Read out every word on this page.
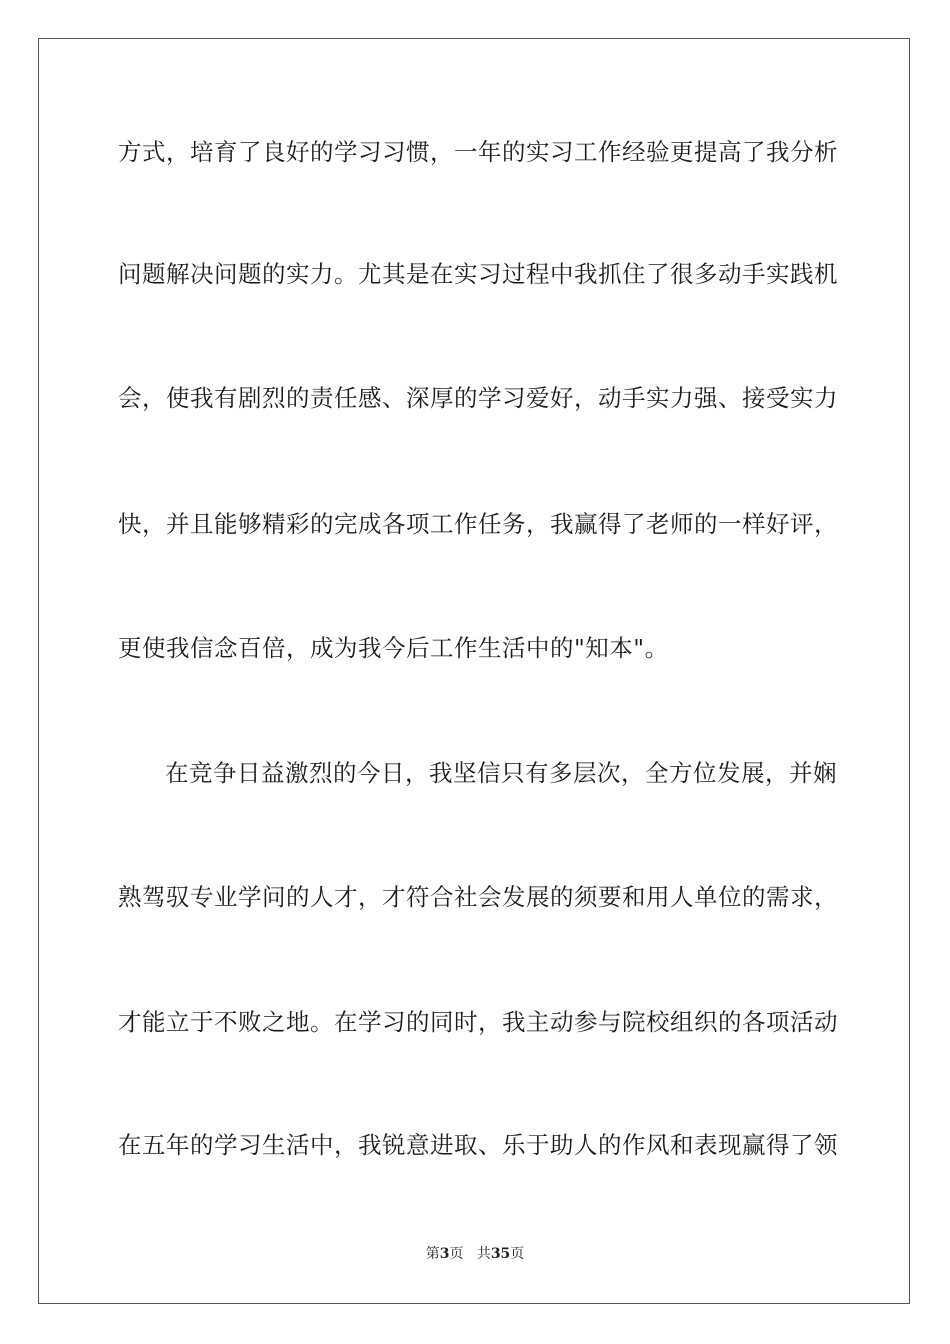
方式，培育了良好的学习习惯，一年的实习工作经验更提高了我分析
问题解决问题的实力。尤其是在实习过程中我抓住了很多动手实践机
会，使我有剧烈的责任感、深厚的学习爱好，动手实力强、接受实力
快，并且能够精彩的完成各项工作任务，我赢得了老师的一样好评，
更使我信念百倍，成为我今后工作生活中的"知本"。
在竞争日益激烈的今日，我坚信只有多层次，全方位发展，并娴
熟驾驭专业学问的人才，才符合社会发展的须要和用人单位的需求，
才能立于不败之地。在学习的同时，我主动参与院校组织的各项活动
在五年的学习生活中，我锐意进取、乐于助人的作风和表现赢得了领
第3页 共35页
